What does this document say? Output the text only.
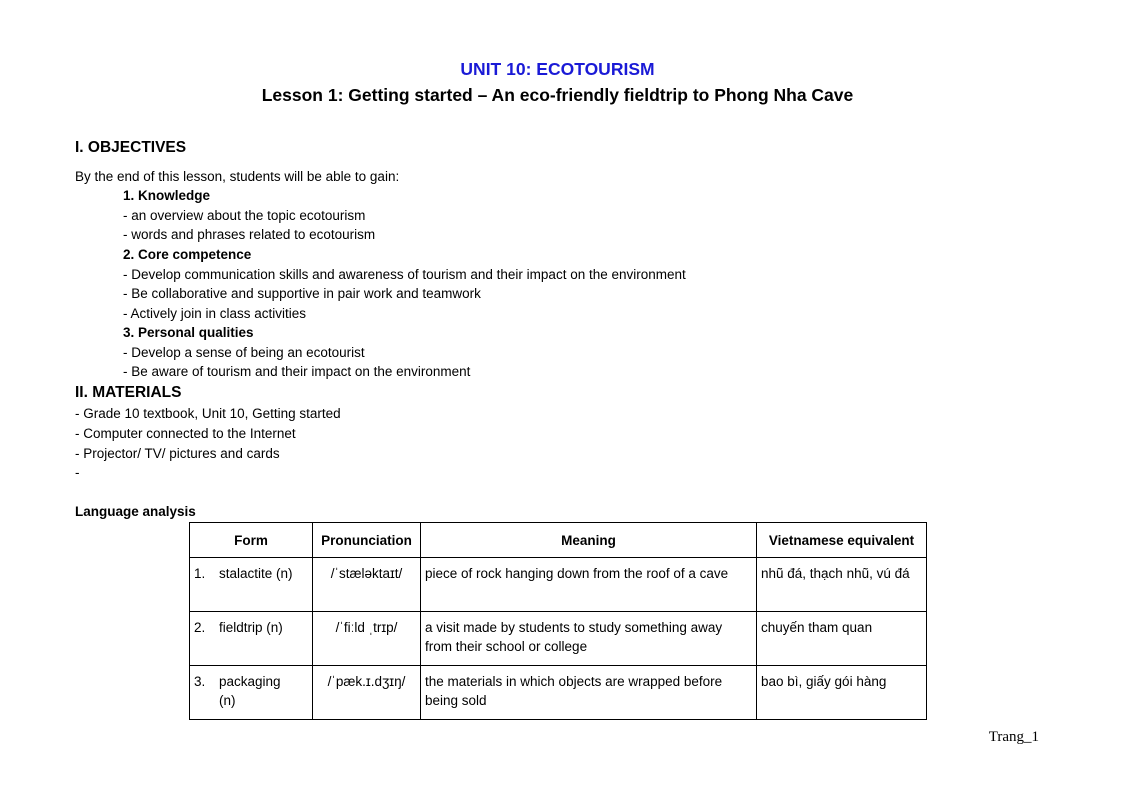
UNIT 10: ECOTOURISM
Lesson 1: Getting started – An eco-friendly fieldtrip to Phong Nha Cave
I. OBJECTIVES
By the end of this lesson, students will be able to gain:
1. Knowledge
- an overview about the topic ecotourism
- words and phrases related to ecotourism
2. Core competence
- Develop communication skills and awareness of tourism and their impact on the environment
- Be collaborative and supportive in pair work and teamwork
- Actively join in class activities
3. Personal qualities
- Develop a sense of being an ecotourist
- Be aware of tourism and their impact on the environment
II. MATERIALS
- Grade 10 textbook, Unit 10, Getting started
- Computer connected to the Internet
- Projector/ TV/ pictures and cards
-
Language analysis
Form	Pronunciation	Meaning	Vietnamese equivalent
1. stalactite (n)	/ˈstæləktaɪt/	piece of rock hanging down from the roof of a cave	nhũ đá, thạch nhũ, vú đá
2. fieldtrip (n)	/ˈfiːld ˌtrɪp/	a visit made by students to study something away from their school or college	chuyến tham quan
3. packaging (n)	/ˈpæk.ɪ.dʒɪŋ/	the materials in which objects are wrapped before being sold	bao bì, giấy gói hàng
Trang_1
